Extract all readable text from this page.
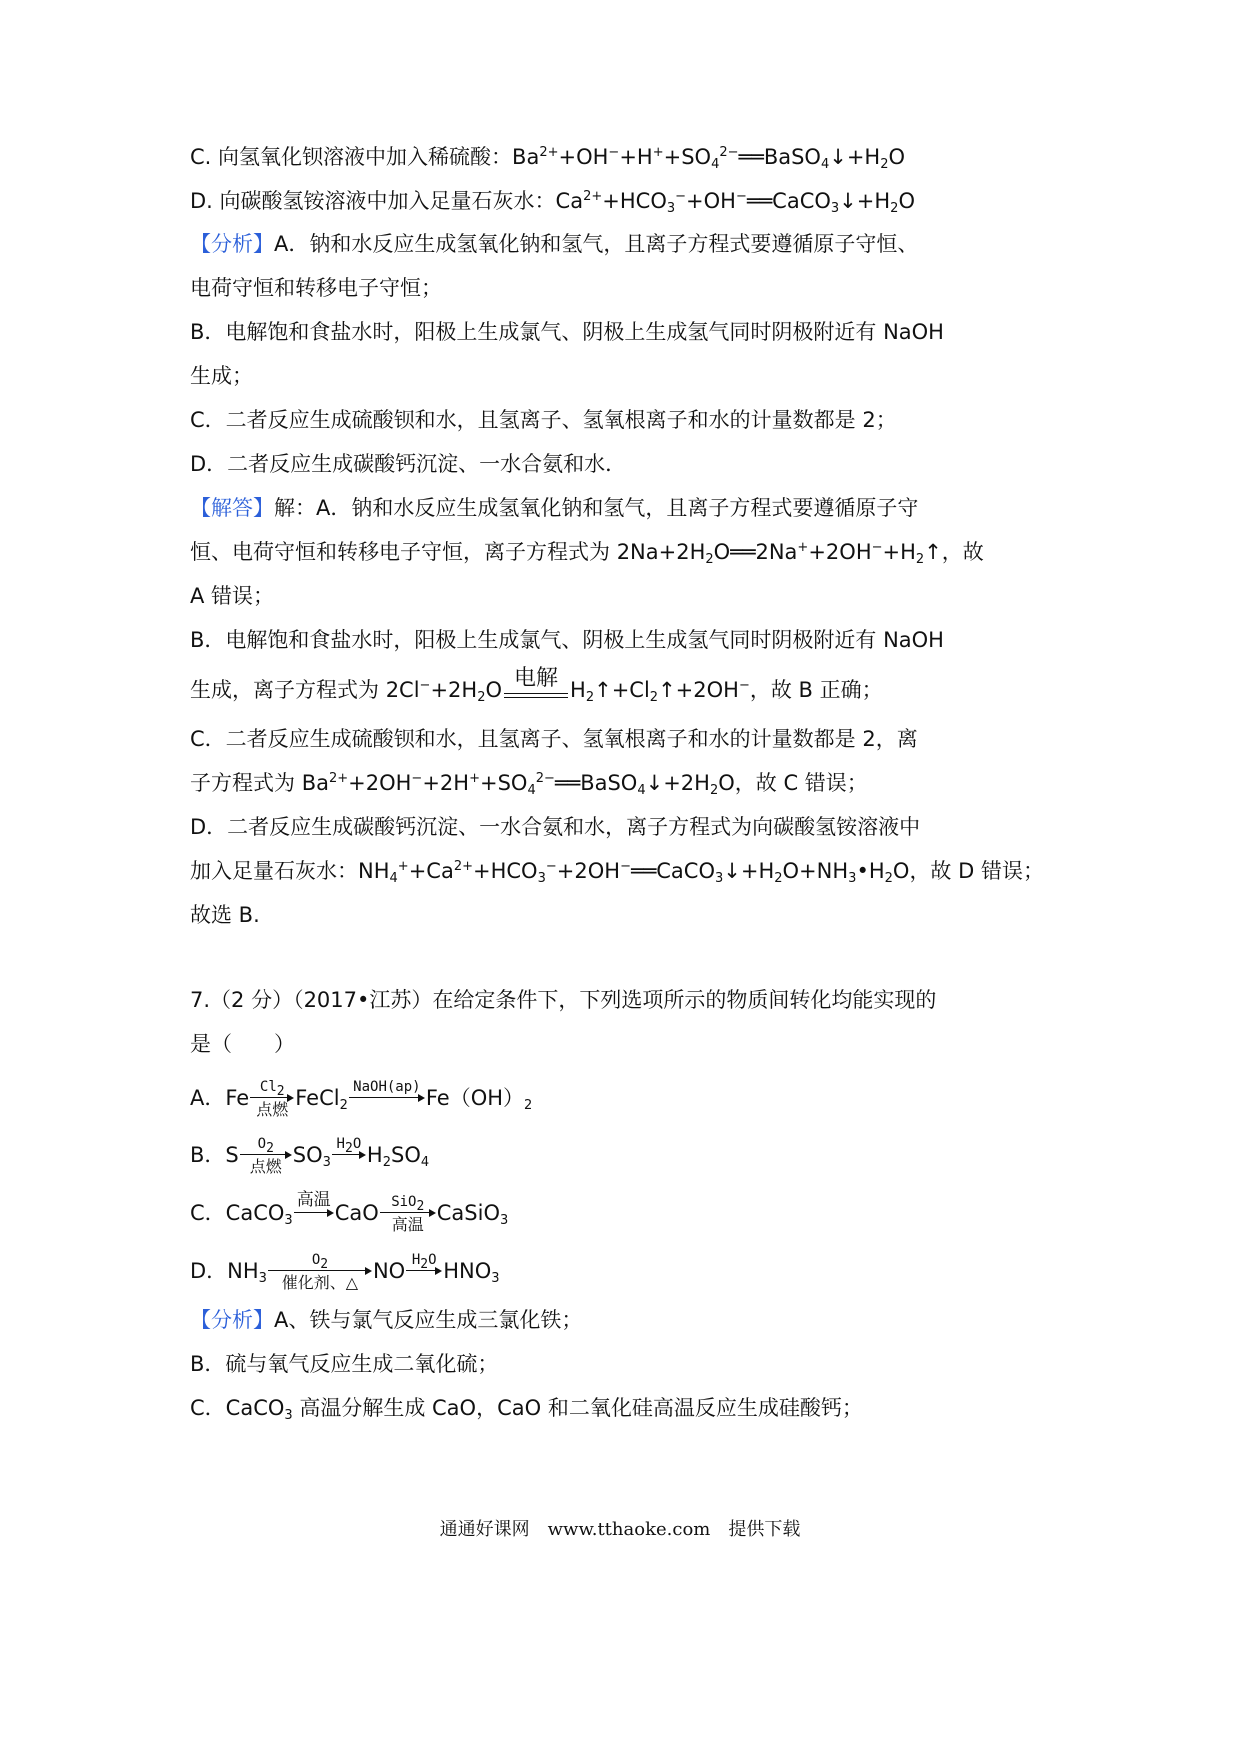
C. 向氢氧化钡溶液中加入稀硫酸：$Ba^{2+}+OH^-+H^++SO_4^{2-}══BaSO_4↓+H_2O$
D. 向碳酸氢铵溶液中加入足量石灰水：$Ca^{2+}+HCO_3^-+OH^-══CaCO_3↓+H_2O$
【分析】A．钠和水反应生成氢氧化钠和氢气，且离子方程式要遵循原子守恒、
电荷守恒和转移电子守恒；
B．电解饱和食盐水时，阳极上生成氯气、阴极上生成氢气同时阴极附近有 NaOH
生成；
C．二者反应生成硫酸钡和水，且氢离子、氢氧根离子和水的计量数都是 2；
D．二者反应生成碳酸钙沉淀、一水合氨和水．
【解答】解：A．钠和水反应生成氢氧化钠和氢气，且离子方程式要遵循原子守
恒、电荷守恒和转移电子守恒，离子方程式为 $2Na+2H_2O══2Na^++2OH^-+H_2↑$，故
A 错误；
B．电解饱和食盐水时，阳极上生成氯气、阴极上生成氢气同时阴极附近有 NaOH
生成，离子方程式为 $2Cl^-+2H_2O$ 电解 $H_2↑+Cl_2↑+2OH^-$，故 B 正确；
C．二者反应生成硫酸钡和水，且氢离子、氢氧根离子和水的计量数都是 2，离
子方程式为 $Ba^{2+}+2OH^-+2H^++SO_4^{2-}══BaSO_4↓+2H_2O$，故 C 错误；
D．二者反应生成碳酸钙沉淀、一水合氨和水，离子方程式为向碳酸氢铵溶液中
加入足量石灰水：$NH_4^++Ca^{2+}+HCO_3^-+2OH^-══CaCO_3↓+H_2O+NH_3•H_2O$，故 D 错误；
故选 B.
7.（2 分）（2017•江苏）在给定条件下，下列选项所示的物质间转化均能实现的
是（　　）
A．Fe $Cl_2$
点燃 FeCl$_2$
NaOH(ap) $Fe(OH)_2$
B．S	$O_2$
点燃 $SO_3$
$H_2O$ $H_2SO_4$
C．CaCO$_3$
高温
CaO SiO$_2$
高温 CaSiO$_3$
D．$NH_3$
$O_2$
催化剂、△ NO $H_2O$ $HNO_3$
【分析】A、铁与氯气反应生成三氯化铁；
B．硫与氧气反应生成二氧化硫；
C．CaCO$_3$ 高温分解生成 CaO，CaO 和二氧化硅高温反应生成硅酸钙；
通通好课网　www.tthaoke.com　提供下载
